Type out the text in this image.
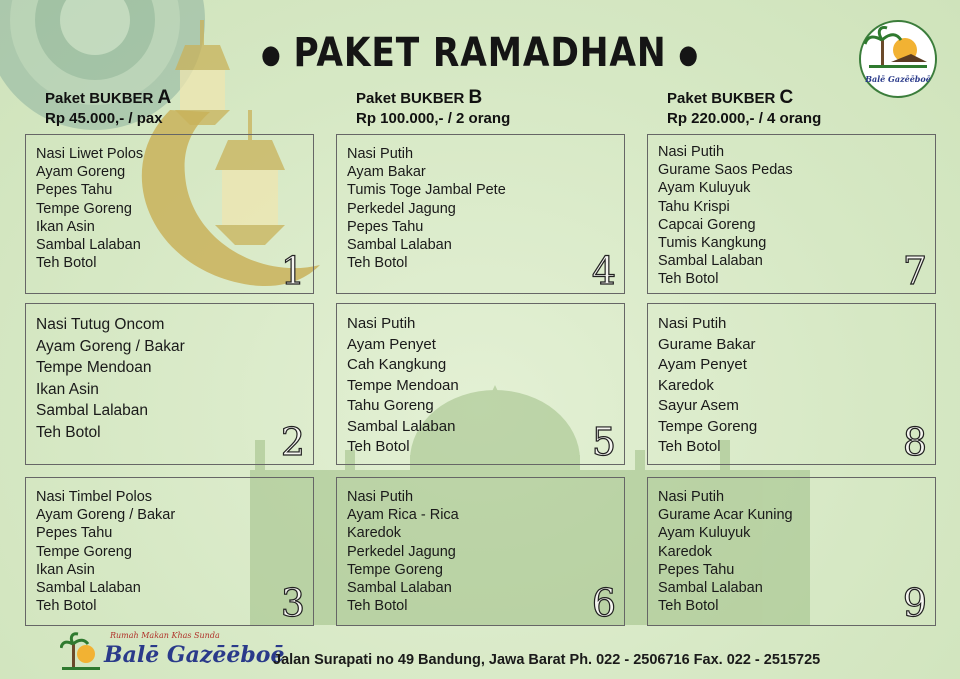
● PAKET RAMADHAN ●
Balē Gazēēboē
Paket BUKBER A
Rp 45.000,- / pax
Paket BUKBER B
Rp 100.000,- / 2 orang
Paket BUKBER C
Rp 220.000,- / 4 orang
Nasi Liwet Polos
Ayam Goreng
Pepes Tahu
Tempe Goreng
Ikan Asin
Sambal Lalaban
Teh Botol	1
Nasi Tutug Oncom
Ayam Goreng / Bakar
Tempe Mendoan
Ikan Asin
Sambal Lalaban
Teh Botol	2
Nasi Timbel Polos
Ayam Goreng / Bakar
Pepes Tahu
Tempe Goreng
Ikan Asin
Sambal Lalaban
Teh Botol	3
Nasi Putih
Ayam Bakar
Tumis Toge Jambal Pete
Perkedel Jagung
Pepes Tahu
Sambal Lalaban
Teh Botol	4
Nasi Putih
Ayam Penyet
Cah Kangkung
Tempe Mendoan
Tahu Goreng
Sambal Lalaban
Teh Botol	5
Nasi Putih
Ayam Rica - Rica
Karedok
Perkedel Jagung
Tempe Goreng
Sambal Lalaban
Teh Botol	6
Nasi Putih
Gurame Saos Pedas
Ayam Kuluyuk
Tahu Krispi
Capcai Goreng
Tumis Kangkung
Sambal Lalaban
Teh Botol	7
Nasi Putih
Gurame Bakar
Ayam Penyet
Karedok
Sayur Asem
Tempe Goreng
Teh Botol	8
Nasi Putih
Gurame Acar Kuning
Ayam Kuluyuk
Karedok
Pepes Tahu
Sambal Lalaban
Teh Botol	9
Rumah Makan Khas Sunda
Balē Gazēēboē
Jalan Surapati no 49 Bandung, Jawa Barat Ph. 022 - 2506716 Fax. 022 - 2515725
